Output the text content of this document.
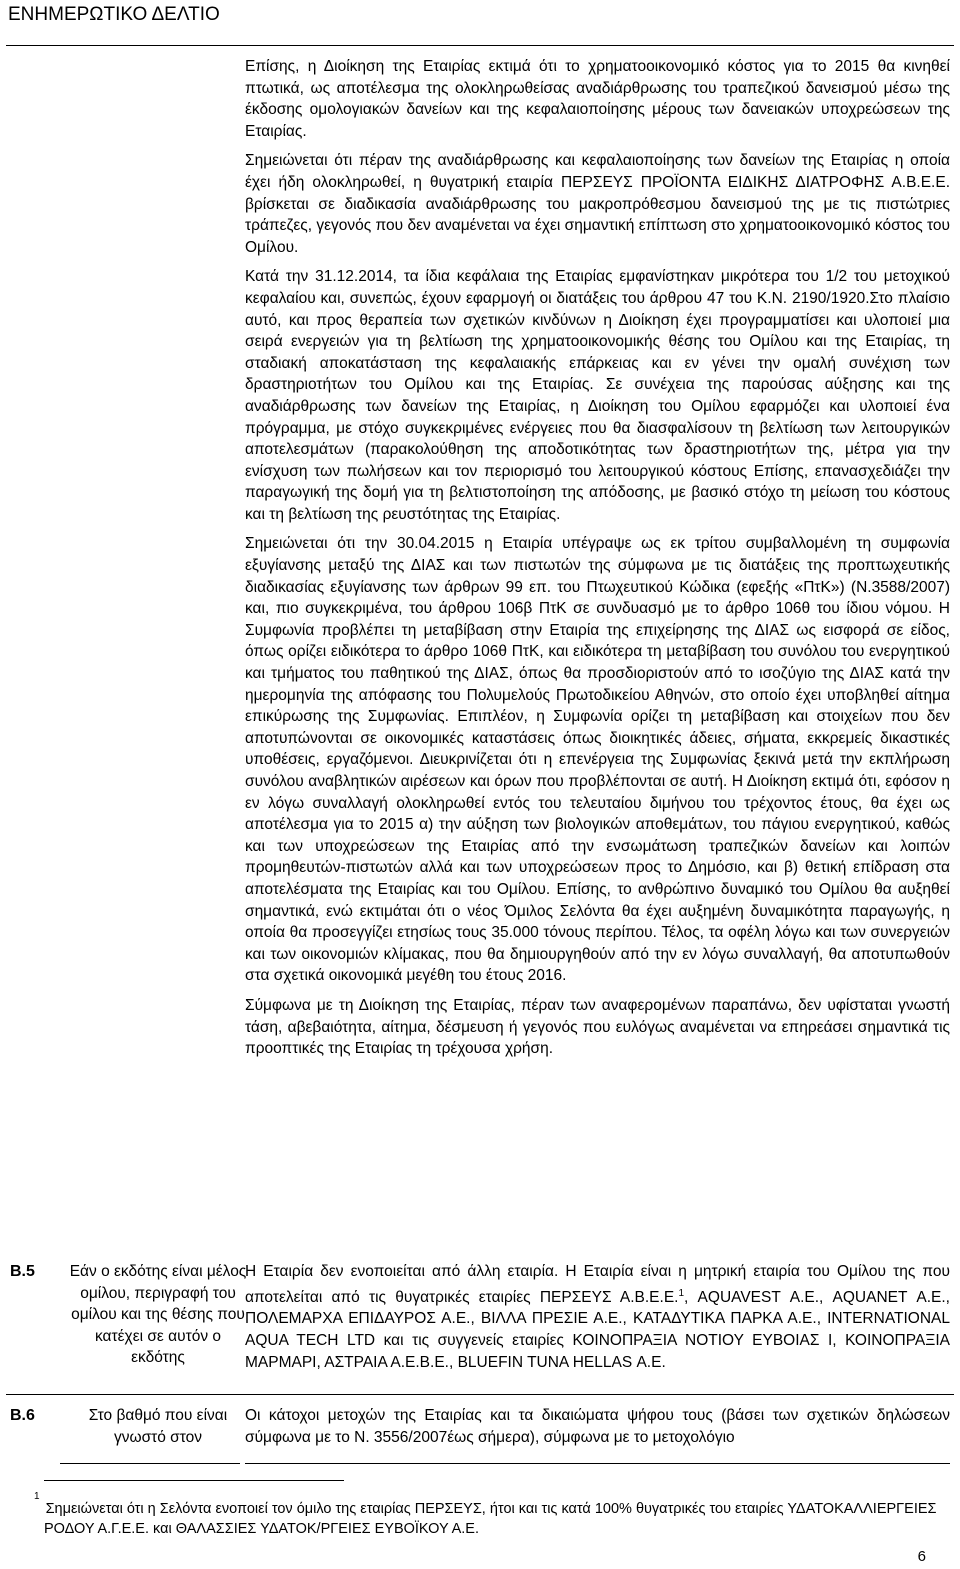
ΕΝΗΜΕΡΩΤΙΚΟ ΔΕΛΤΙΟ
B.5 Εάν ο εκδότης είναι μέλος ομίλου, περιγραφή του ομίλου και της θέσης που κατέχει σε αυτόν ο εκδότης
B.6	Στο βαθμό που είναι γνωστό στον

Επίσης, η Διοίκηση της Εταιρίας εκτιμά ότι το χρηματοοικονομικό κόστος για το 2015 θα κινηθεί πτωτικά, ως αποτέλεσμα της ολοκληρωθείσας αναδιάρθρωσης του τραπεζικού δανεισμού μέσω της έκδοσης ομολογιακών δανείων και της κεφαλαιοποίησης μέρους των δανειακών υποχρεώσεων της Εταιρίας.

Σημειώνεται ότι πέραν της αναδιάρθρωσης και κεφαλαιοποίησης των δανείων της Εταιρίας η οποία έχει ήδη ολοκληρωθεί, η θυγατρική εταιρία ΠΕΡΣΕΥΣ ΠΡΟΪΟΝΤΑ ΕΙΔΙΚΗΣ ΔΙΑΤΡΟΦΗΣ Α.Β.Ε.Ε. βρίσκεται σε διαδικασία αναδιάρθρωσης του μακροπρόθεσμου δανεισμού της με τις πιστώτριες τράπεζες, γεγονός που δεν αναμένεται να έχει σημαντική επίπτωση στο χρηματοοικονομικό κόστος του Ομίλου.

Κατά την 31.12.2014, τα ίδια κεφάλαια της Εταιρίας εμφανίστηκαν μικρότερα του 1/2 του μετοχικού κεφαλαίου και, συνεπώς, έχουν εφαρμογή οι διατάξεις του άρθρου 47 του Κ.Ν. 2190/1920.Στο πλαίσιο αυτό, και προς θεραπεία των σχετικών κινδύνων η Διοίκηση έχει προγραμματίσει και υλοποιεί μια σειρά ενεργειών για τη βελτίωση της χρηματοοικονομικής θέσης του Ομίλου και της Εταιρίας, τη σταδιακή αποκατάσταση της κεφαλαιακής επάρκειας και εν γένει την ομαλή συνέχιση των δραστηριοτήτων του Ομίλου και της Εταιρίας. Σε συνέχεια της παρούσας αύξησης και της αναδιάρθρωσης των δανείων της Εταιρίας, η Διοίκηση του Ομίλου εφαρμόζει και υλοποιεί ένα πρόγραμμα, με στόχο συγκεκριμένες ενέργειες που θα διασφαλίσουν τη βελτίωση των λειτουργικών αποτελεσμάτων (παρακολούθηση της αποδοτικότητας των δραστηριοτήτων της, μέτρα για την ενίσχυση των πωλήσεων και τον περιορισμό του λειτουργικού κόστους Επίσης, επανασχεδιάζει την παραγωγική της δομή για τη βελτιστοποίηση της απόδοσης, με βασικό στόχο τη μείωση του κόστους και τη βελτίωση της ρευστότητας της Εταιρίας.

Σημειώνεται ότι την 30.04.2015 η Εταιρία υπέγραψε ως εκ τρίτου συμβαλλομένη τη συμφωνία εξυγίανσης μεταξύ της ΔΙΑΣ και των πιστωτών της σύμφωνα με τις διατάξεις της προπτωχευτικής διαδικασίας εξυγίανσης των άρθρων 99 επ. του Πτωχευτικού Κώδικα (εφεξής «ΠτΚ») (Ν.3588/2007) και, πιο συγκεκριμένα, του άρθρου 106β ΠτΚ σε συνδυασμό με το άρθρο 106θ του ίδιου νόμου. Η Συμφωνία προβλέπει τη μεταβίβαση στην Εταιρία της επιχείρησης της ΔΙΑΣ ως εισφορά σε είδος, όπως ορίζει ειδικότερα το άρθρο 106θ ΠτΚ, και ειδικότερα τη μεταβίβαση του συνόλου του ενεργητικού και τμήματος του παθητικού της ΔΙΑΣ, όπως θα προσδιοριστούν από το ισοζύγιο της ΔΙΑΣ κατά την ημερομηνία της απόφασης του Πολυμελούς Πρωτοδικείου Αθηνών, στο οποίο έχει υποβληθεί αίτημα επικύρωσης της Συμφωνίας. Επιπλέον, η Συμφωνία ορίζει τη μεταβίβαση και στοιχείων που δεν αποτυπώνονται σε οικονομικές καταστάσεις όπως διοικητικές άδειες, σήματα, εκκρεμείς δικαστικές υποθέσεις, εργαζόμενοι. Διευκρινίζεται ότι η επενέργεια της Συμφωνίας ξεκινά μετά την εκπλήρωση συνόλου αναβλητικών αιρέσεων και όρων που προβλέπονται σε αυτή. Η Διοίκηση εκτιμά ότι, εφόσον η εν λόγω συναλλαγή ολοκληρωθεί εντός του τελευταίου διμήνου του τρέχοντος έτους, θα έχει ως αποτέλεσμα για το 2015 α) την αύξηση των βιολογικών αποθεμάτων, του πάγιου ενεργητικού, καθώς και των υποχρεώσεων της Εταιρίας από την ενσωμάτωση τραπεζικών δανείων και λοιπών προμηθευτών-πιστωτών αλλά και των υποχρεώσεων προς το Δημόσιο, και β) θετική επίδραση στα αποτελέσματα της Εταιρίας και του Ομίλου. Επίσης, το ανθρώπινο δυναμικό του Ομίλου θα αυξηθεί σημαντικά, ενώ εκτιμάται ότι ο νέος Όμιλος Σελόντα θα έχει αυξημένη δυναμικότητα παραγωγής, η οποία θα προσεγγίζει ετησίως τους 35.000 τόνους περίπου. Τέλος, τα οφέλη λόγω και των συνεργειών και των οικονομιών κλίμακας, που θα δημιουργηθούν από την εν λόγω συναλλαγή, θα αποτυπωθούν στα σχετικά οικονομικά μεγέθη του έτους 2016.

Σύμφωνα με τη Διοίκηση της Εταιρίας, πέραν των αναφερομένων παραπάνω, δεν υφίσταται γνωστή τάση, αβεβαιότητα, αίτημα, δέσμευση ή γεγονός που ευλόγως αναμένεται να επηρεάσει σημαντικά τις προοπτικές της Εταιρίας τη τρέχουσα χρήση.

Η Εταιρία δεν ενοποιείται από άλλη εταιρία. Η Εταιρία είναι η μητρική εταιρία του Ομίλου της που αποτελείται από τις θυγατρικές εταιρίες ΠΕΡΣΕΥΣ Α.Β.Ε.Ε.$^1$, AQUAVEST Α.Ε., AQUANET Α.Ε., ΠΟΛΕΜΑΡΧΑ ΕΠΙΔΑΥΡΟΣ Α.Ε., ΒΙΛΛΑ ΠΡΕΣΙΕ Α.Ε., ΚΑΤΑΔΥΤΙΚΑ ΠΑΡΚΑ Α.Ε., INTERNATIONAL AQUA TECH LTD και τις συγγενείς εταιρίες ΚΟΙΝΟΠΡΑΞΙΑ ΝΟΤΙΟΥ ΕΥΒΟΙΑΣ Ι, ΚΟΙΝΟΠΡΑΞΙΑ ΜΑΡΜΑΡΙ, ΑΣΤΡΑΙΑ Α.Ε.Β.Ε., BLUEFIN TUNA HELLAS Α.Ε.

Οι κάτοχοι μετοχών της Εταιρίας και τα δικαιώματα ψήφου τους (βάσει των σχετικών δηλώσεων σύμφωνα με το Ν. 3556/2007έως σήμερα), σύμφωνα με το μετοχολόγιο

$^1$Σημειώνεται ότι η Σελόντα ενοποιεί τον όμιλο της εταιρίας ΠΕΡΣΕΥΣ, ήτοι και τις κατά 100% θυγατρικές του εταιρίες ΥΔΑΤΟΚΑΛΛΙΕΡΓΕΙΕΣ ΡΟΔΟΥ Α.Γ.Ε.Ε. και ΘΑΛΑΣΣΙΕΣ ΥΔΑΤΟΚ/ΡΓΕΙΕΣ ΕΥΒΟΪΚΟΥ Α.Ε.
6
